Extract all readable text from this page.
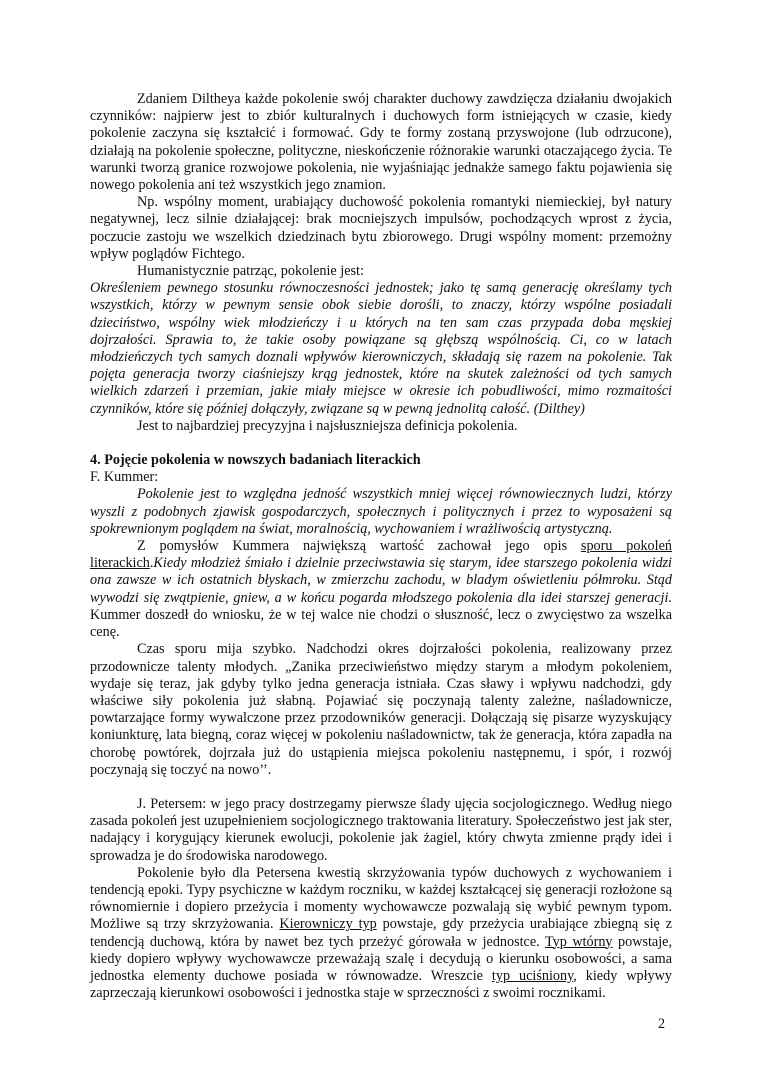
Zdaniem Diltheya każde pokolenie swój charakter duchowy zawdzięcza działaniu dwojakich czynników: najpierw jest to zbiór kulturalnych i duchowych form istniejących w czasie, kiedy pokolenie zaczyna się kształcić i formować. Gdy te formy zostaną przyswojone (lub odrzucone), działają na pokolenie społeczne, polityczne, nieskończenie różnorakie warunki otaczającego życia. Te warunki tworzą granice rozwojowe pokolenia, nie wyjaśniając jednakże samego faktu pojawienia się nowego pokolenia ani też wszystkich jego znamion.

Np. wspólny moment, urabiający duchowość pokolenia romantyki niemieckiej, był natury negatywnej, lecz silnie działającej: brak mocniejszych impulsów, pochodzących wprost z życia, poczucie zastoju we wszelkich dziedzinach bytu zbiorowego. Drugi wspólny moment: przemożny wpływ poglądów Fichtego.

Humanistycznie patrząc, pokolenie jest:

Określeniem pewnego stosunku równoczesności jednostek; jako tę samą generację określamy tych wszystkich, którzy w pewnym sensie obok siebie dorośli, to znaczy, którzy wspólne posiadali dzieciństwo, wspólny wiek młodzieńczy i u których na ten sam czas przypada doba męskiej dojrzałości. Sprawia to, że takie osoby powiązane są głębszą wspólnością. Ci, co w latach młodzieńczych tych samych doznali wpływów kierowniczych, składają się razem na pokolenie. Tak pojęta generacja tworzy ciaśniejszy krąg jednostek, które na skutek zależności od tych samych wielkich zdarzeń i przemian, jakie miały miejsce w okresie ich pobudliwości, mimo rozmaitości czynników, które się później dołączyły, związane są w pewną jednolitą całość. (Dilthey)

Jest to najbardziej precyzyjna i najsłuszniejsza definicja pokolenia.

4. Pojęcie pokolenia w nowszych badaniach literackich

F. Kummer:

Pokolenie jest to względna jedność wszystkich mniej więcej równowiecznych ludzi, którzy wyszli z podobnych zjawisk gospodarczych, społecznych i politycznych i przez to wyposażeni są spokrewnionym poglądem na świat, moralnością, wychowaniem i wrażliwością artystyczną.

Z pomysłów Kummera największą wartość zachował jego opis sporu pokoleń literackich.Kiedy młodzież śmiało i dzielnie przeciwstawia się starym, idee starszego pokolenia widzi ona zawsze w ich ostatnich błyskach, w zmierzchu zachodu, w bladym oświetleniu półmroku. Stąd wywodzi się zwątpienie, gniew, a w końcu pogarda młodszego pokolenia dla idei starszej generacji. Kummer doszedł do wniosku, że w tej walce nie chodzi o słuszność, lecz o zwycięstwo za wszelka cenę.

Czas sporu mija szybko. Nadchodzi okres dojrzałości pokolenia, realizowany przez przodownicze talenty młodych. „Zanika przeciwieństwo między starym a młodym pokoleniem, wydaje się teraz, jak gdyby tylko jedna generacja istniała. Czas sławy i wpływu nadchodzi, gdy właściwe siły pokolenia już słabną. Pojawiać się poczynają talenty zależne, naśladownicze, powtarzające formy wywalczone przez przodowników generacji. Dołączają się pisarze wyzyskujący koniunkturę, lata biegną, coraz więcej w pokoleniu naśladownictw, tak że generacja, która zapadła na chorobę powtórek, dojrzała już do ustąpienia miejsca pokoleniu następnemu, i spór, i rozwój poczynają się toczyć na nowo’’.

J. Petersem: w jego pracy dostrzegamy pierwsze ślady ujęcia socjologicznego. Według niego zasada pokoleń jest uzupełnieniem socjologicznego traktowania literatury. Społeczeństwo jest jak ster, nadający i korygujący kierunek ewolucji, pokolenie jak żagiel, który chwyta zmienne prądy idei i sprowadza je do środowiska narodowego.

Pokolenie było dla Petersena kwestią skrzyżowania typów duchowych z wychowaniem i tendencją epoki. Typy psychiczne w każdym roczniku, w każdej kształcącej się generacji rozłożone są równomiernie i dopiero przeżycia i momenty wychowawcze pozwalają się wybić pewnym typom. Możliwe są trzy skrzyżowania. Kierowniczy typ powstaje, gdy przeżycia urabiające zbiegną się z tendencją duchową, która by nawet bez tych przeżyć górowała w jednostce. Typ wtórny powstaje, kiedy dopiero wpływy wychowawcze przeważają szalę i decydują o kierunku osobowości, a sama jednostka elementy duchowe posiada w równowadze. Wreszcie typ uciśniony, kiedy wpływy zaprzeczają kierunkowi osobowości i jednostka staje w sprzeczności z swoimi rocznikami.

2
